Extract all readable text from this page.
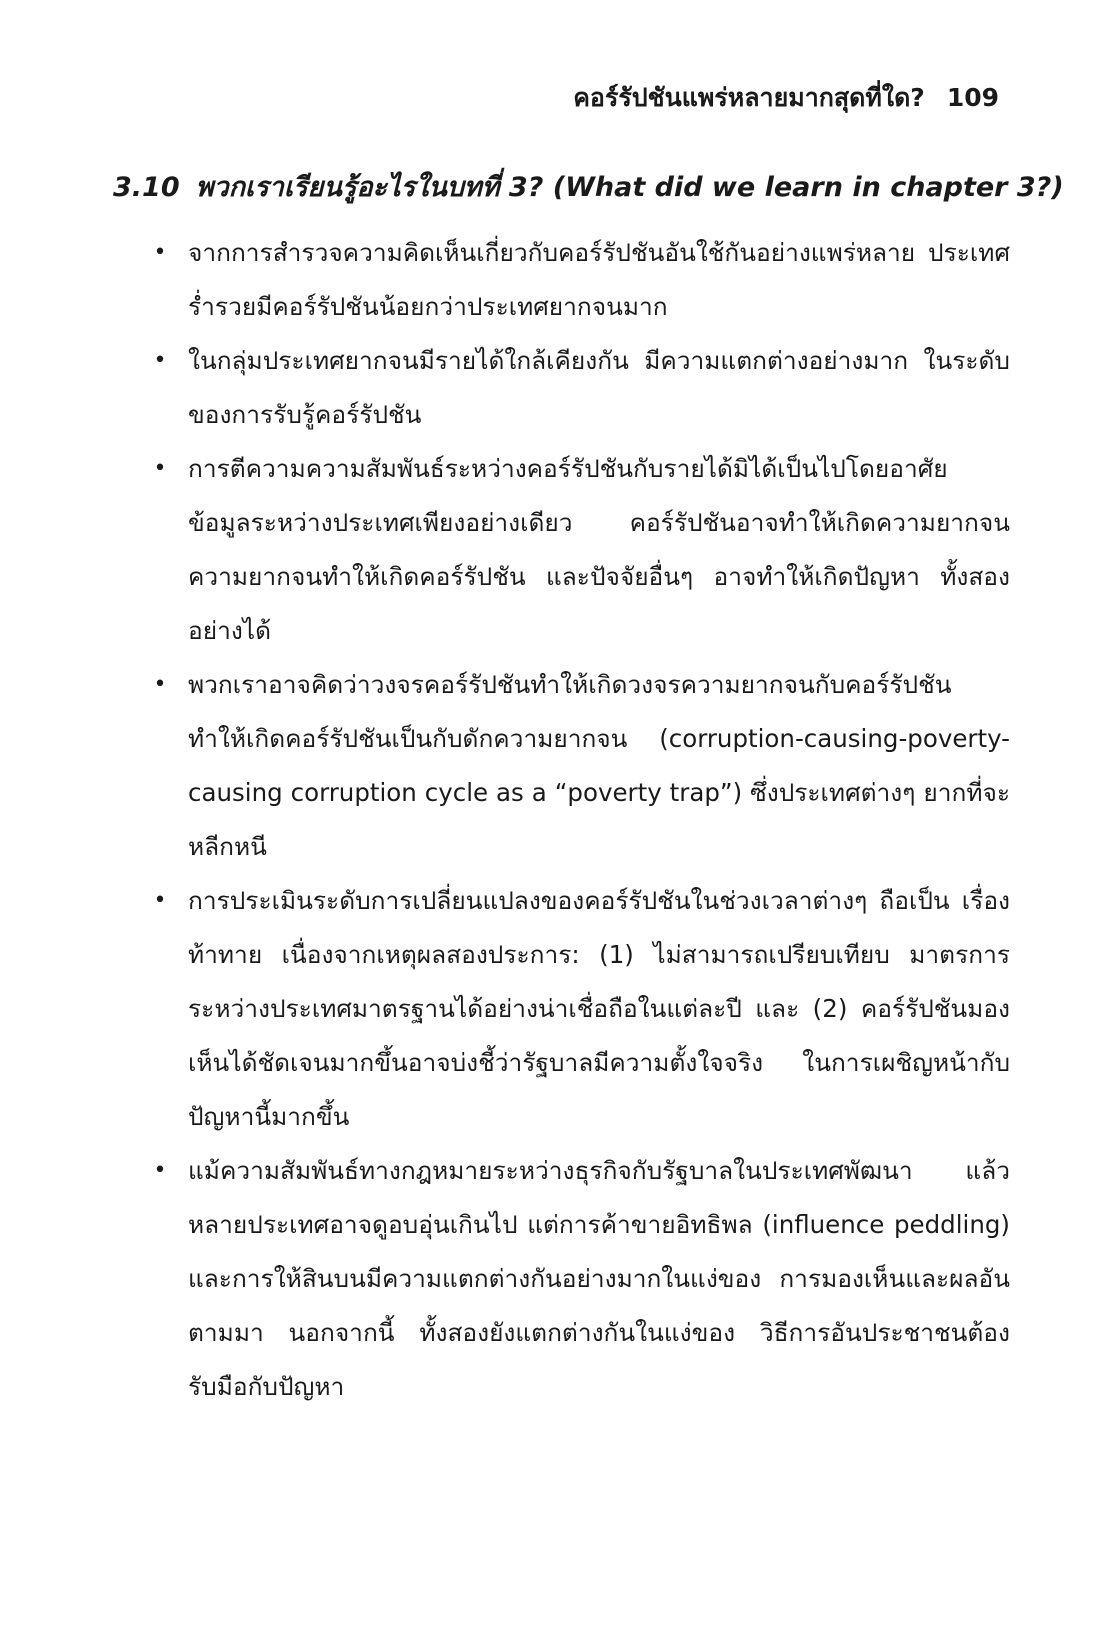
คอร์รัปชันแพร่หลายมากสุดที่ใด? 109
3.10 พวกเราเรียนรู้อะไรในบทที่ 3? (What did we learn in chapter 3?)
• จากการสำรวจความคิดเห็นเกี่ยวกับคอร์รัปชันอันใช้กันอย่างแพร่หลาย ประเทศร่ำรวยมีคอร์รัปชันน้อยกว่าประเทศยากจนมาก
• ในกลุ่มประเทศยากจนมีรายได้ใกล้เคียงกัน มีความแตกต่างอย่างมาก ในระดับของการรับรู้คอร์รัปชัน
• การตีความความสัมพันธ์ระหว่างคอร์รัปชันกับรายได้มิได้เป็นไปโดยอาศัย ข้อมูลระหว่างประเทศเพียงอย่างเดียว คอร์รัปชันอาจทำให้เกิดความยากจน ความยากจนทำให้เกิดคอร์รัปชัน และปัจจัยอื่นๆ อาจทำให้เกิดปัญหา ทั้งสองอย่างได้
• พวกเราอาจคิดว่าวงจรคอร์รัปชันทำให้เกิดวงจรความยากจนกับคอร์รัปชัน ทำให้เกิดคอร์รัปชันเป็นกับดักความยากจน (corruption-causing-poverty-causing corruption cycle as a “poverty trap”) ซึ่งประเทศต่างๆ ยากที่จะหลีกหนี
• การประเมินระดับการเปลี่ยนแปลงของคอร์รัปชันในช่วงเวลาต่างๆ ถือเป็น เรื่องท้าทาย เนื่องจากเหตุผลสองประการ: (1) ไม่สามารถเปรียบเทียบ มาตรการระหว่างประเทศมาตรฐานได้อย่างน่าเชื่อถือในแต่ละปี และ (2) คอร์รัปชันมองเห็นได้ชัดเจนมากขึ้นอาจบ่งชี้ว่ารัฐบาลมีความตั้งใจจริง ในการเผชิญหน้ากับปัญหานี้มากขึ้น
• แม้ความสัมพันธ์ทางกฎหมายระหว่างธุรกิจกับรัฐบาลในประเทศพัฒนา แล้วหลายประเทศอาจดูอบอุ่นเกินไป แต่การค้าขายอิทธิพล (influence peddling) และการให้สินบนมีความแตกต่างกันอย่างมากในแง่ของ การมองเห็นและผลอันตามมา นอกจากนี้ ทั้งสองยังแตกต่างกันในแง่ของ วิธีการอันประชาชนต้องรับมือกับปัญหา
